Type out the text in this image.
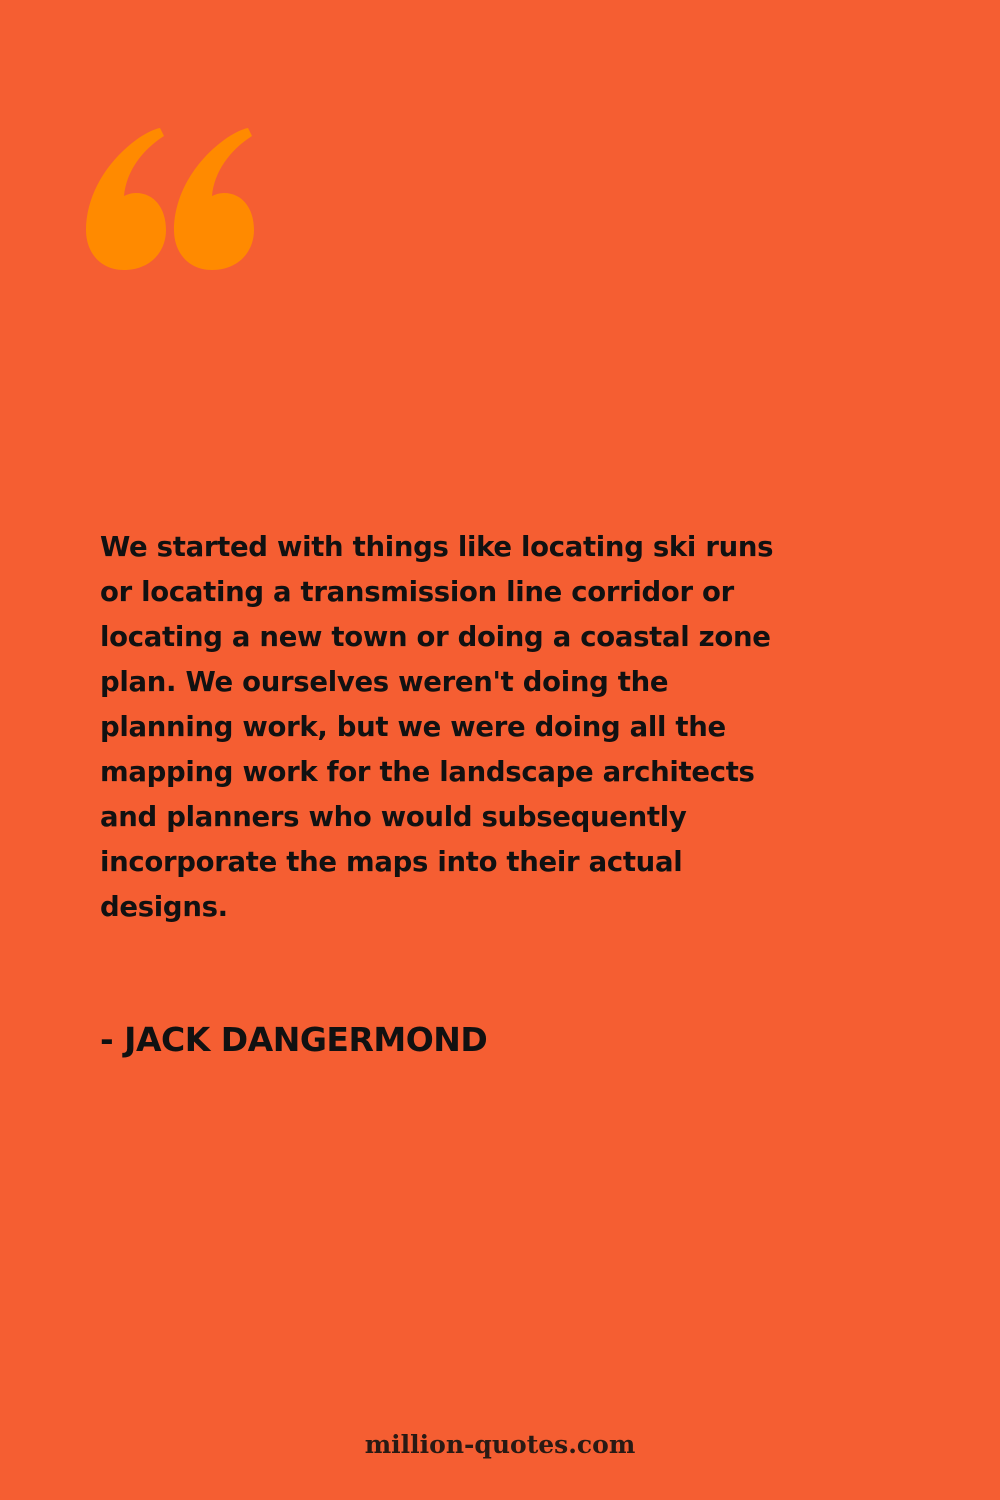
We started with things like locating ski runs or locating a transmission line corridor or locating a new town or doing a coastal zone plan. We ourselves weren't doing the planning work, but we were doing all the mapping work for the landscape architects and planners who would subsequently incorporate the maps into their actual designs.

- JACK DANGERMOND

million-quotes.com
